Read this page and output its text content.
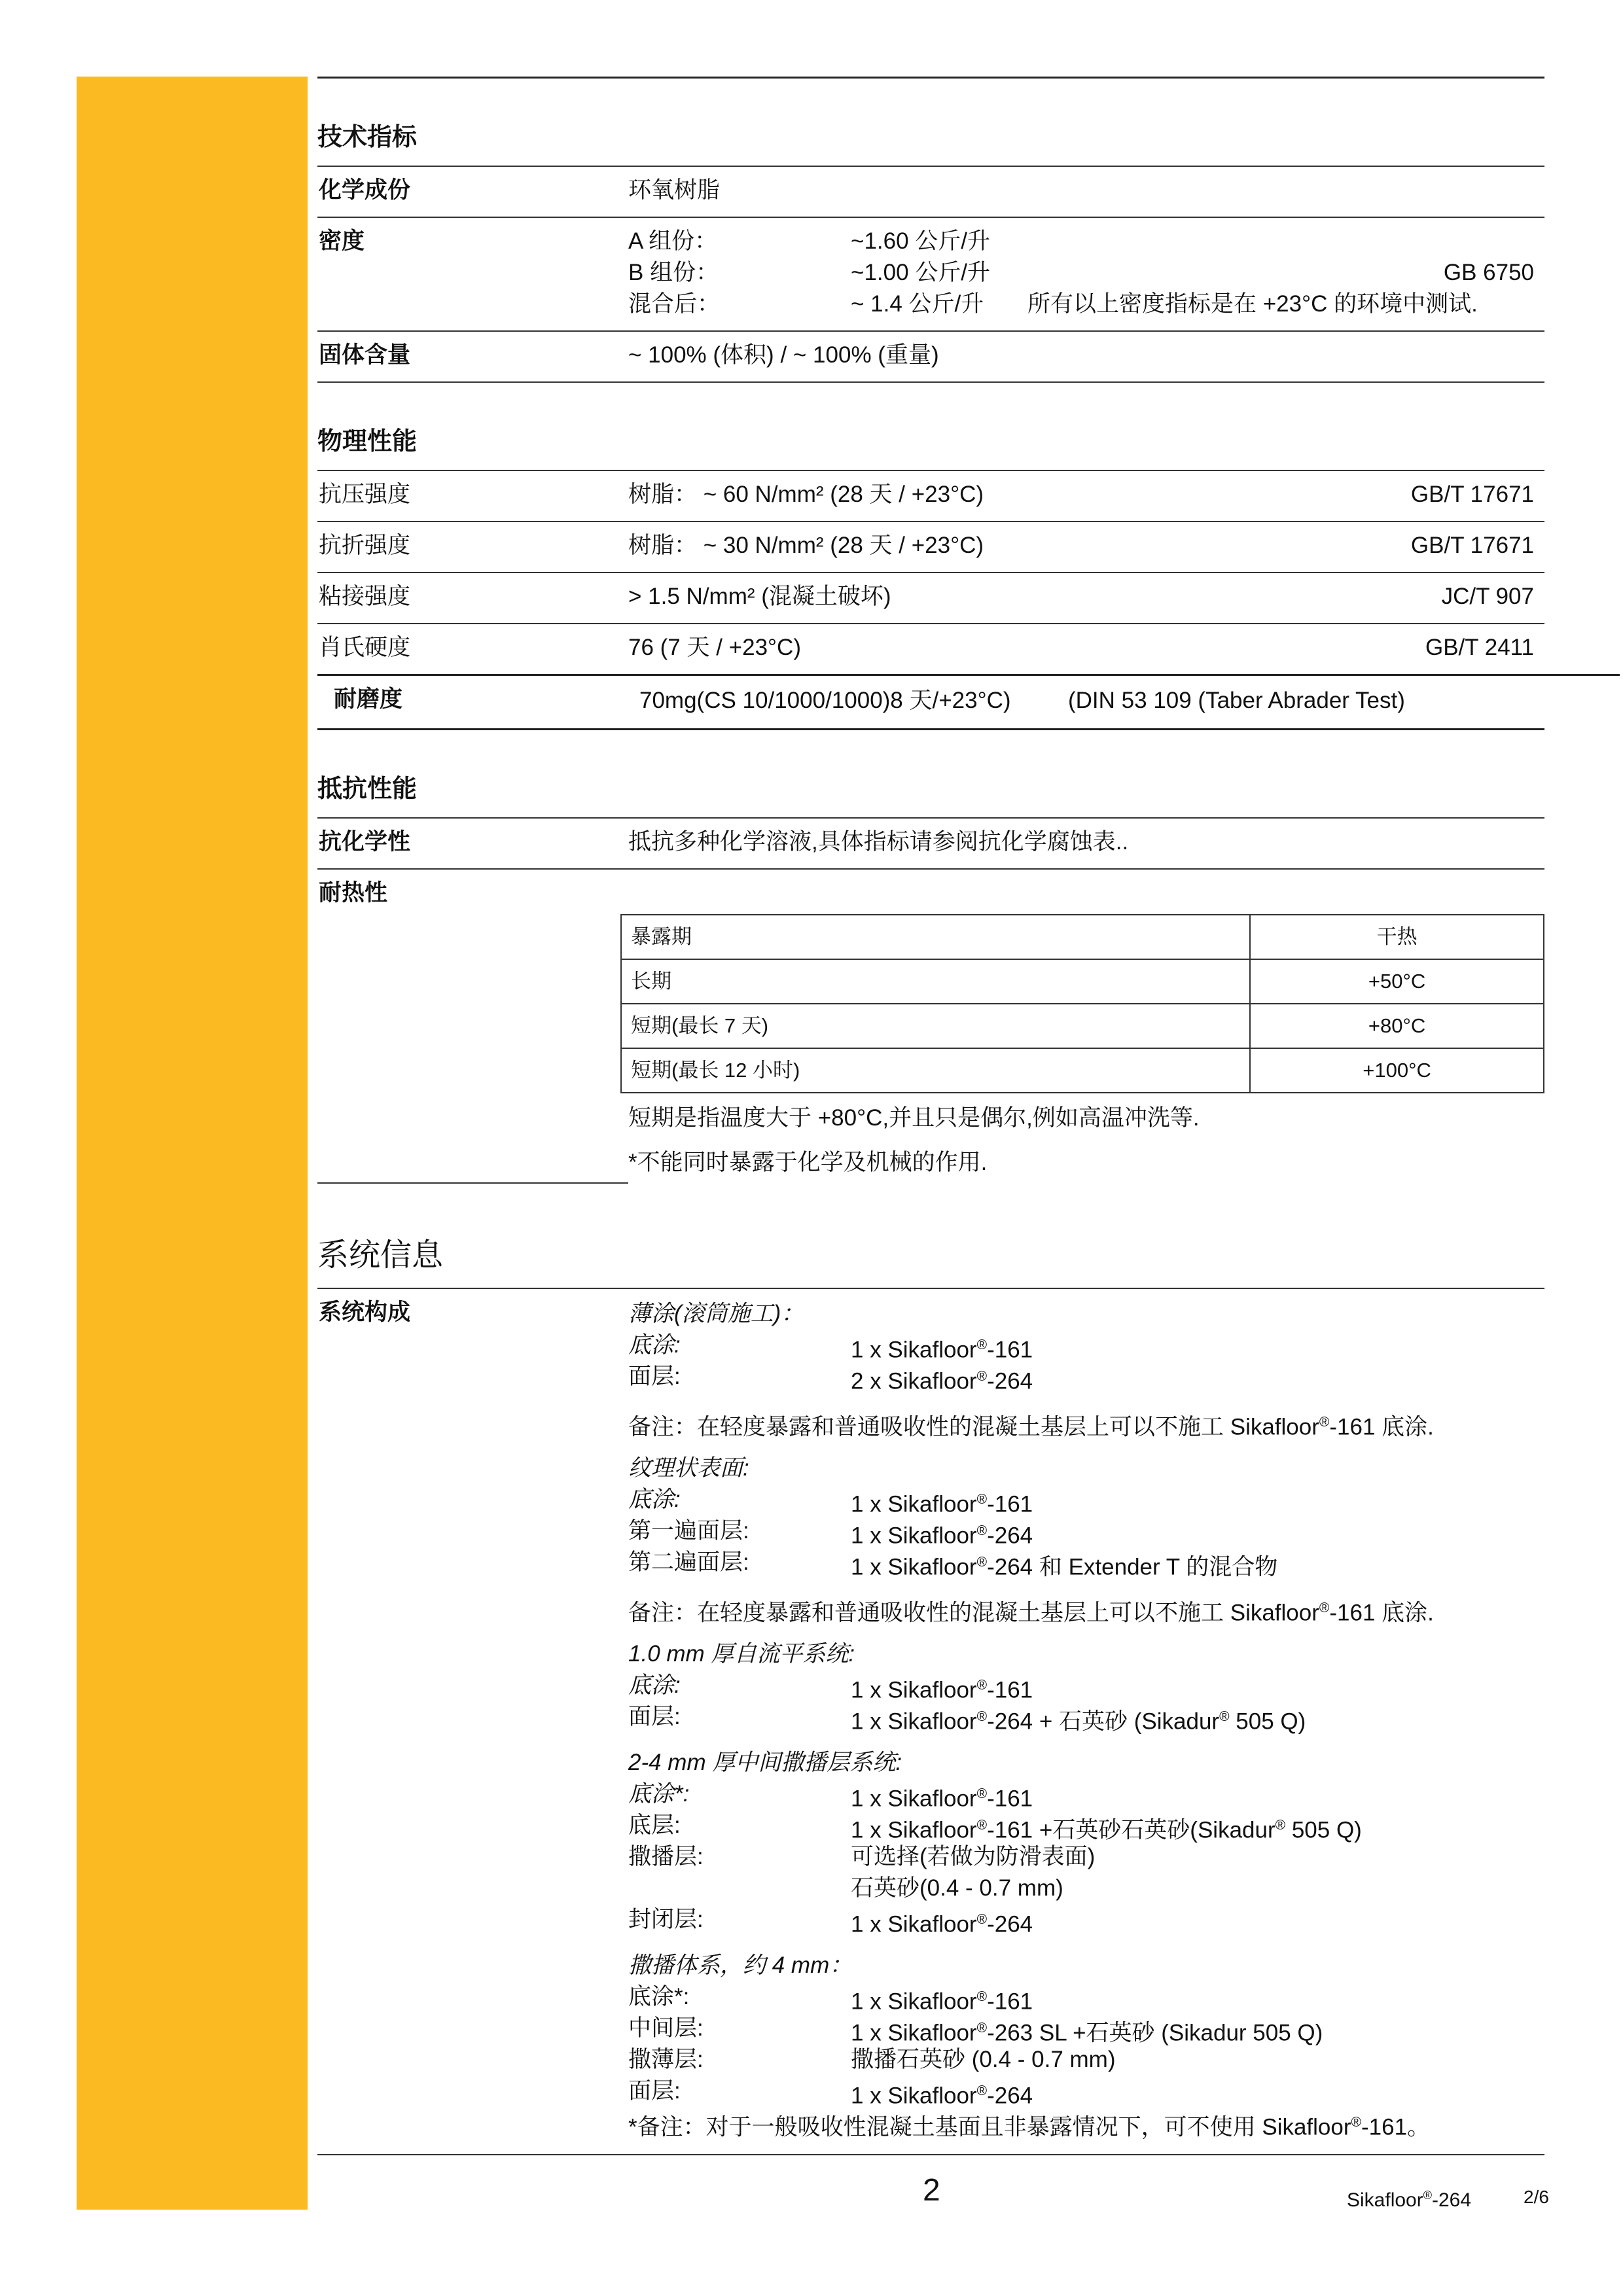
技术指标
化学成份	环氧树脂
密度	A 组份：	~1.60 公斤/升
B 组份：	~1.00 公斤/升	GB 6750
混合后：	~ 1.4 公斤/升 所有以上密度指标是在 +23°C 的环境中测试.
固体含量	~ 100% (体积) / ~ 100% (重量)
物理性能
抗压强度	树脂： ~ 60 N/mm² (28 天 / +23°C)	GB/T 17671
抗折强度	树脂： ~ 30 N/mm² (28 天 / +23°C)	GB/T 17671
粘接强度	> 1.5 N/mm² (混凝土破坏)	JC/T 907
肖氏硬度	76 (7 天 / +23°C)	GB/T 2411
耐磨度	70mg(CS 10/1000/1000)8 天/+23°C) (DIN 53 109 (Taber Abrader Test)
抵抗性能
抗化学性	抵抗多种化学溶液,具体指标请参阅抗化学腐蚀表..
耐热性
暴露期	干热
长期	+50°C
短期(最长 7 天)	+80°C
短期(最长 12 小时)	+100°C
短期是指温度大于 +80°C,并且只是偶尔,例如高温冲洗等.
*不能同时暴露于化学及机械的作用.
系统信息
系统构成	薄涂(滚筒施工)：
底涂:	1 x Sikafloor®-161
面层:	2 x Sikafloor®-264
备注：在轻度暴露和普通吸收性的混凝土基层上可以不施工 Sikafloor®-161 底涂.
纹理状表面:
底涂:	1 x Sikafloor®-161
第一遍面层:	1 x Sikafloor®-264
第二遍面层:	1 x Sikafloor®-264 和 Extender T 的混合物
备注：在轻度暴露和普通吸收性的混凝土基层上可以不施工 Sikafloor®-161 底涂.
1.0 mm 厚自流平系统:
底涂:	1 x Sikafloor®-161
面层:	1 x Sikafloor®-264 + 石英砂 (Sikadur® 505 Q)
2-4 mm 厚中间撒播层系统:
底涂*:	1 x Sikafloor®-161
底层:	1 x Sikafloor®-161 +石英砂石英砂(Sikadur® 505 Q)
撒播层:	可选择(若做为防滑表面)
石英砂(0.4 - 0.7 mm)
封闭层:	1 x Sikafloor®-264
撒播体系，约 4 mm：
底涂*:	1 x Sikafloor®-161
中间层:	1 x Sikafloor®-263 SL +石英砂 (Sikadur 505 Q)
撒薄层:	撒播石英砂 (0.4 - 0.7 mm)
面层:	1 x Sikafloor®-264
*备注：对于一般吸收性混凝土基面且非暴露情况下，可不使用 Sikafloor®-161。
2	Sikafloor®-264	2/6
